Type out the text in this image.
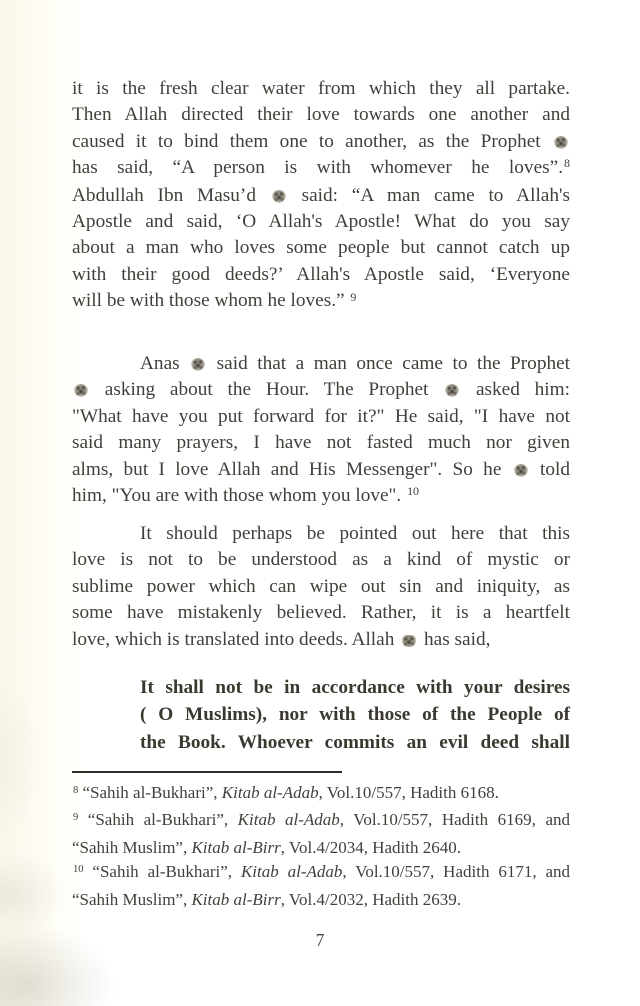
it is the fresh clear water from which they all partake.
Then Allah directed their love towards one another and
caused it to bind them one to another, as the Prophet
has said, “A person is with whomever he loves”.$^8$
Abdullah Ibn Masu’d said: “A man came to Allah's
Apostle and said, ‘O Allah's Apostle! What do you say
about a man who loves some people but cannot catch up
with their good deeds?’ Allah's Apostle said, ‘Everyone
will be with those whom he loves.” $^9$
Anas said that a man once came to the Prophet
asking about the Hour. The Prophet asked him:
"What have you put forward for it?" He said, "I have not
said many prayers, I have not fasted much nor given
alms, but I love Allah and His Messenger". So he told
him, "You are with those whom you love". $^{10}$
It should perhaps be pointed out here that this
love is not to be understood as a kind of mystic or
sublime power which can wipe out sin and iniquity, as
some have mistakenly believed. Rather, it is a heartfelt
love, which is translated into deeds. Allah has said,
It shall not be in accordance with your desires
( O Muslims), nor with those of the People of
the Book. Whoever commits an evil deed shall
$^8$ “Sahih al-Bukhari”, Kitab al-Adab, Vol.10/557, Hadith 6168.
$^9$ “Sahih al-Bukhari”, Kitab al-Adab, Vol.10/557, Hadith 6169, and
“Sahih Muslim”, Kitab al-Birr, Vol.4/2034, Hadith 2640.
$^{10}$ “Sahih al-Bukhari”, Kitab al-Adab, Vol.10/557, Hadith 6171, and
“Sahih Muslim”, Kitab al-Birr, Vol.4/2032, Hadith 2639.
7
